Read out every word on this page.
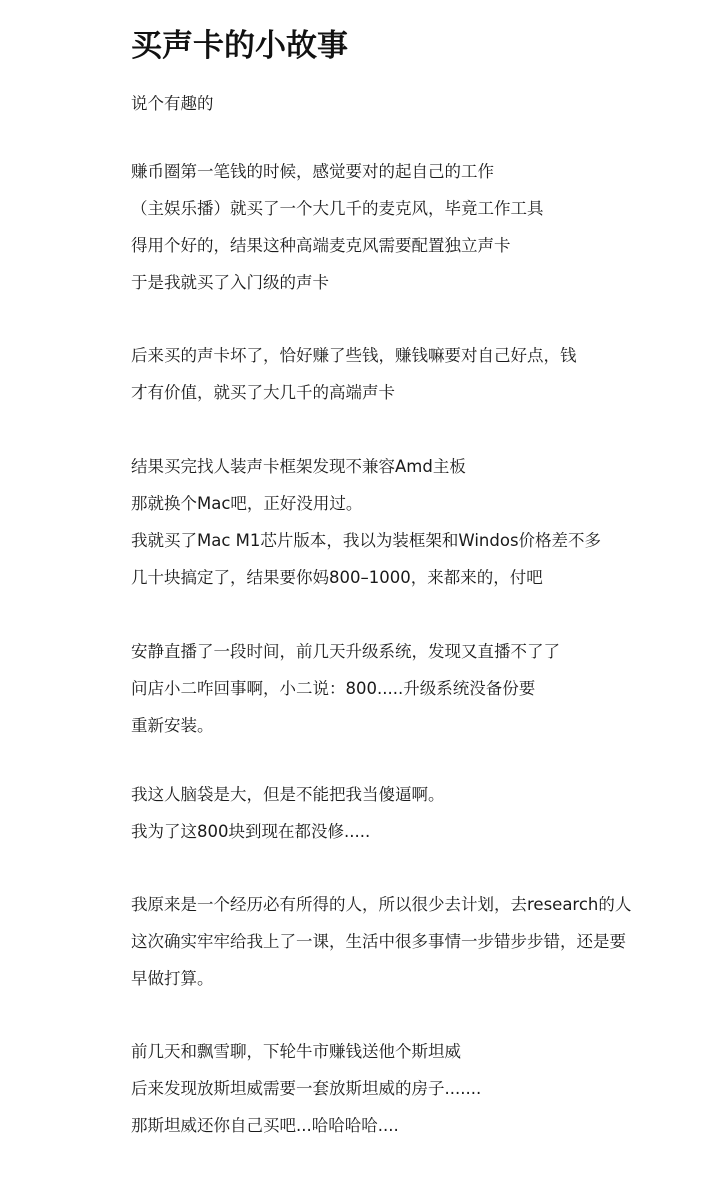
买声卡的小故事

说个有趣的

赚币圈第一笔钱的时候，感觉要对的起自己的工作

（主娱乐播）就买了一个大几千的麦克风，毕竟工作工具

得用个好的，结果这种高端麦克风需要配置独立声卡

于是我就买了入门级的声卡

后来买的声卡坏了，恰好赚了些钱，赚钱嘛要对自己好点，钱

才有价值，就买了大几千的高端声卡

结果买完找人装声卡框架发现不兼容Amd主板

那就换个Mac吧，正好没用过。

我就买了Mac M1芯片版本，我以为装框架和Windos价格差不多

几十块搞定了，结果要你妈800–1000，来都来的，付吧

安静直播了一段时间，前几天升级系统，发现又直播不了了

问店小二咋回事啊，小二说：800.....升级系统没备份要

重新安装。

我这人脑袋是大，但是不能把我当傻逼啊。

我为了这800块到现在都没修.....

我原来是一个经历必有所得的人，所以很少去计划，去research的人

这次确实牢牢给我上了一课，生活中很多事情一步错步步错，还是要

早做打算。

前几天和飘雪聊，下轮牛市赚钱送他个斯坦威

后来发现放斯坦威需要一套放斯坦威的房子.......

那斯坦威还你自己买吧...哈哈哈哈....
